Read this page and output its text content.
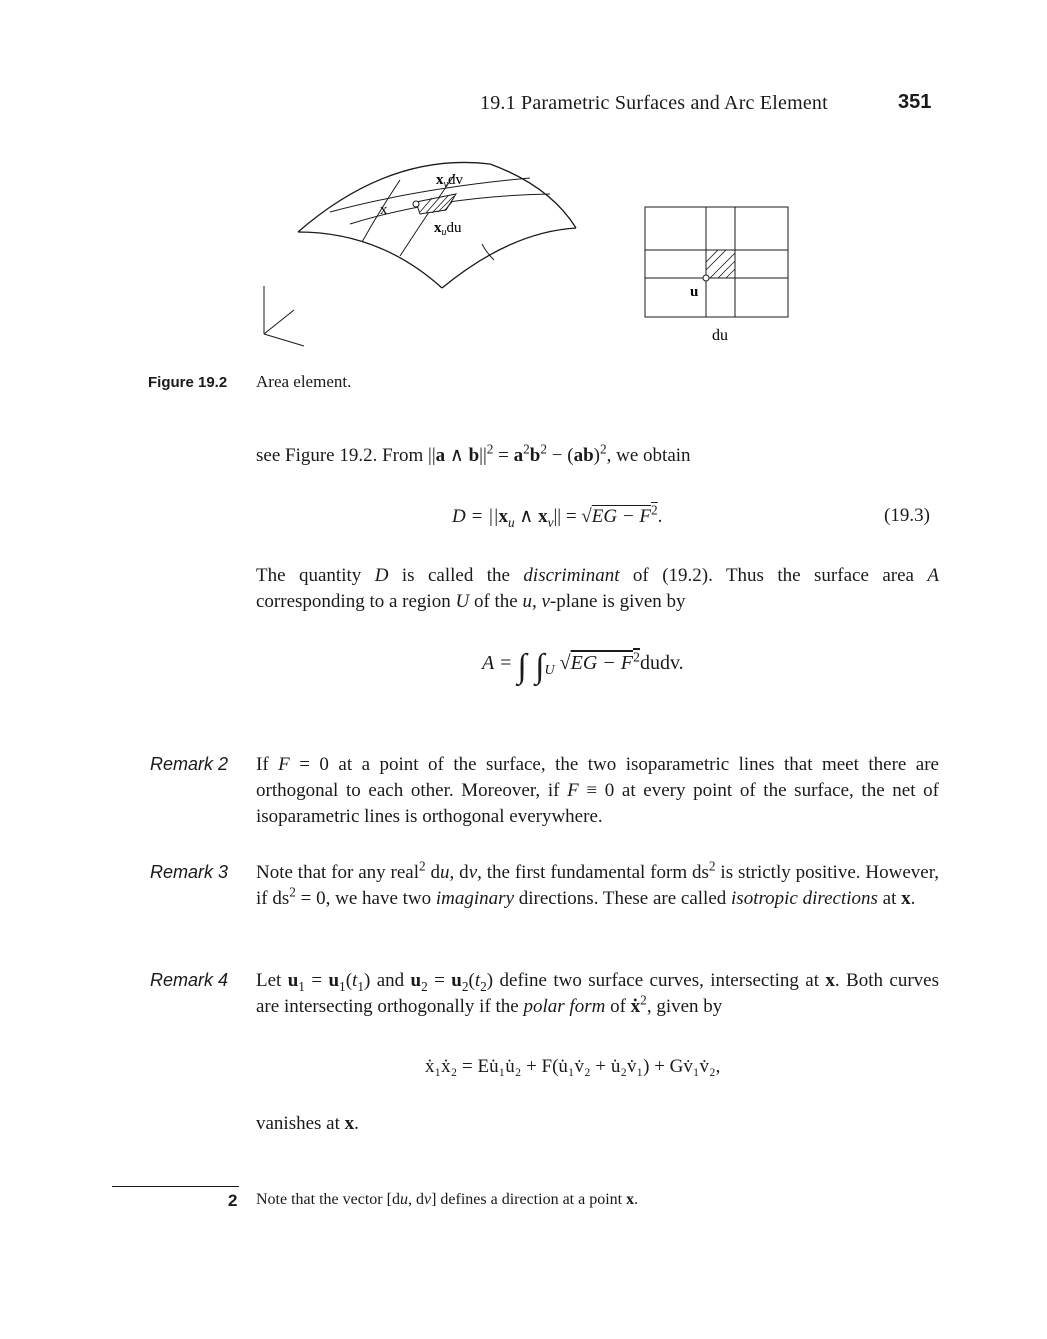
19.1 Parametric Surfaces and Arc Element	351
$x_vdv$
x
$x_udu$
u
du
Figure 19.2 Area element.
see Figure 19.2. From ||a ∧ $b||^2 = a^2b^2 - (ab)^2$, we obtain
$D = ||x_u$ ∧ $x_v|| = √EG - F^2$.	(19.3)
The quantity D is called the discriminant of (19.2). Thus the surface area A corresponding to a region U of the u, v-plane is given by
A = ∫ $\int_U$ $√EG - F^2dudv$.
Remark 2 If F = 0 at a point of the surface, the two isoparametric lines that meet there are orthogonal to each other. Moreover, if F ≡ 0 at every point of the surface, the net of isoparametric lines is orthogonal everywhere.
Remark 3 Note that for any real$^2$ du, dv, the first fundamental form $ds^2$ is strictly positive. However, if $ds^2 = 0$, we have two imaginary directions. These are called isotropic directions at x.
Remark 4 Let $u_1 = u_1(t_1)$ and $u_2 = u_2(t_2)$ define two surface curves, intersecting at x. Both curves are intersecting orthogonally if the polar form of ẋ$^2$, given by
ẋ₁ẋ₂ = Eu̇₁u̇₂ + F(u̇₁v̇₂ + u̇₂v̇₁) + Gv̇₁v̇₂,
vanishes at x.
2 Note that the vector [du, dv] defines a direction at a point x.
